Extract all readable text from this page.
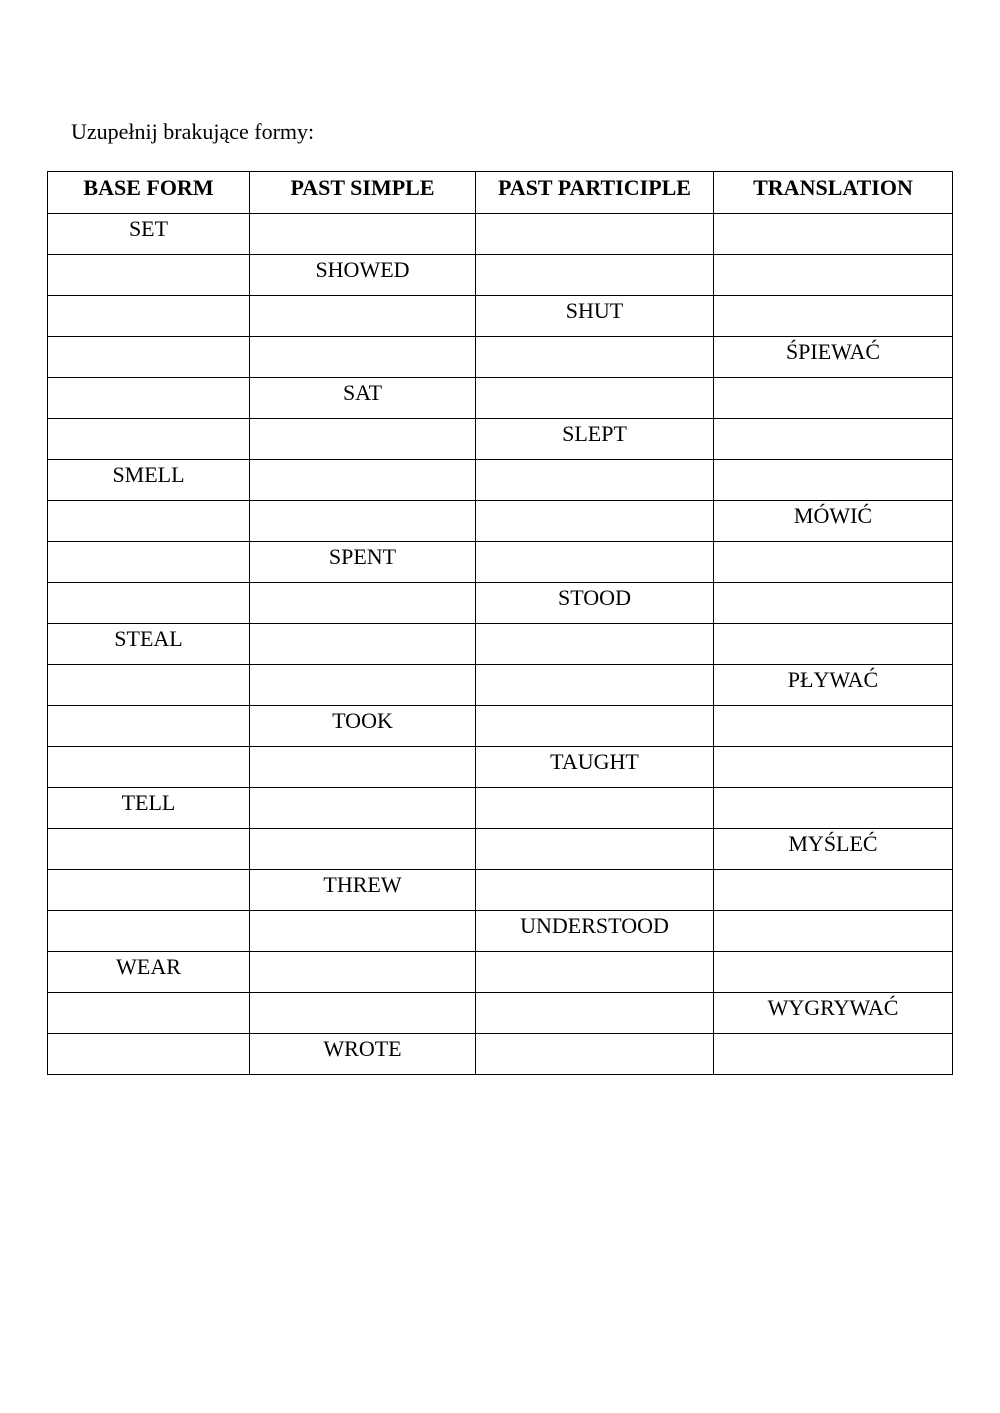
Uzupełnij brakujące formy:

BASE FORM	PAST SIMPLE	PAST PARTICIPLE	TRANSLATION

SET			

	SHOWED		

		SHUT	

			ŚPIEWAĆ

	SAT		

		SLEPT	

SMELL			

			MÓWIĆ

	SPENT		

		STOOD	

STEAL			

			PŁYWAĆ

	TOOK		

		TAUGHT	

TELL			

			MYŚLEĆ

	THREW		

		UNDERSTOOD	

WEAR			

			WYGRYWAĆ

	WROTE		
